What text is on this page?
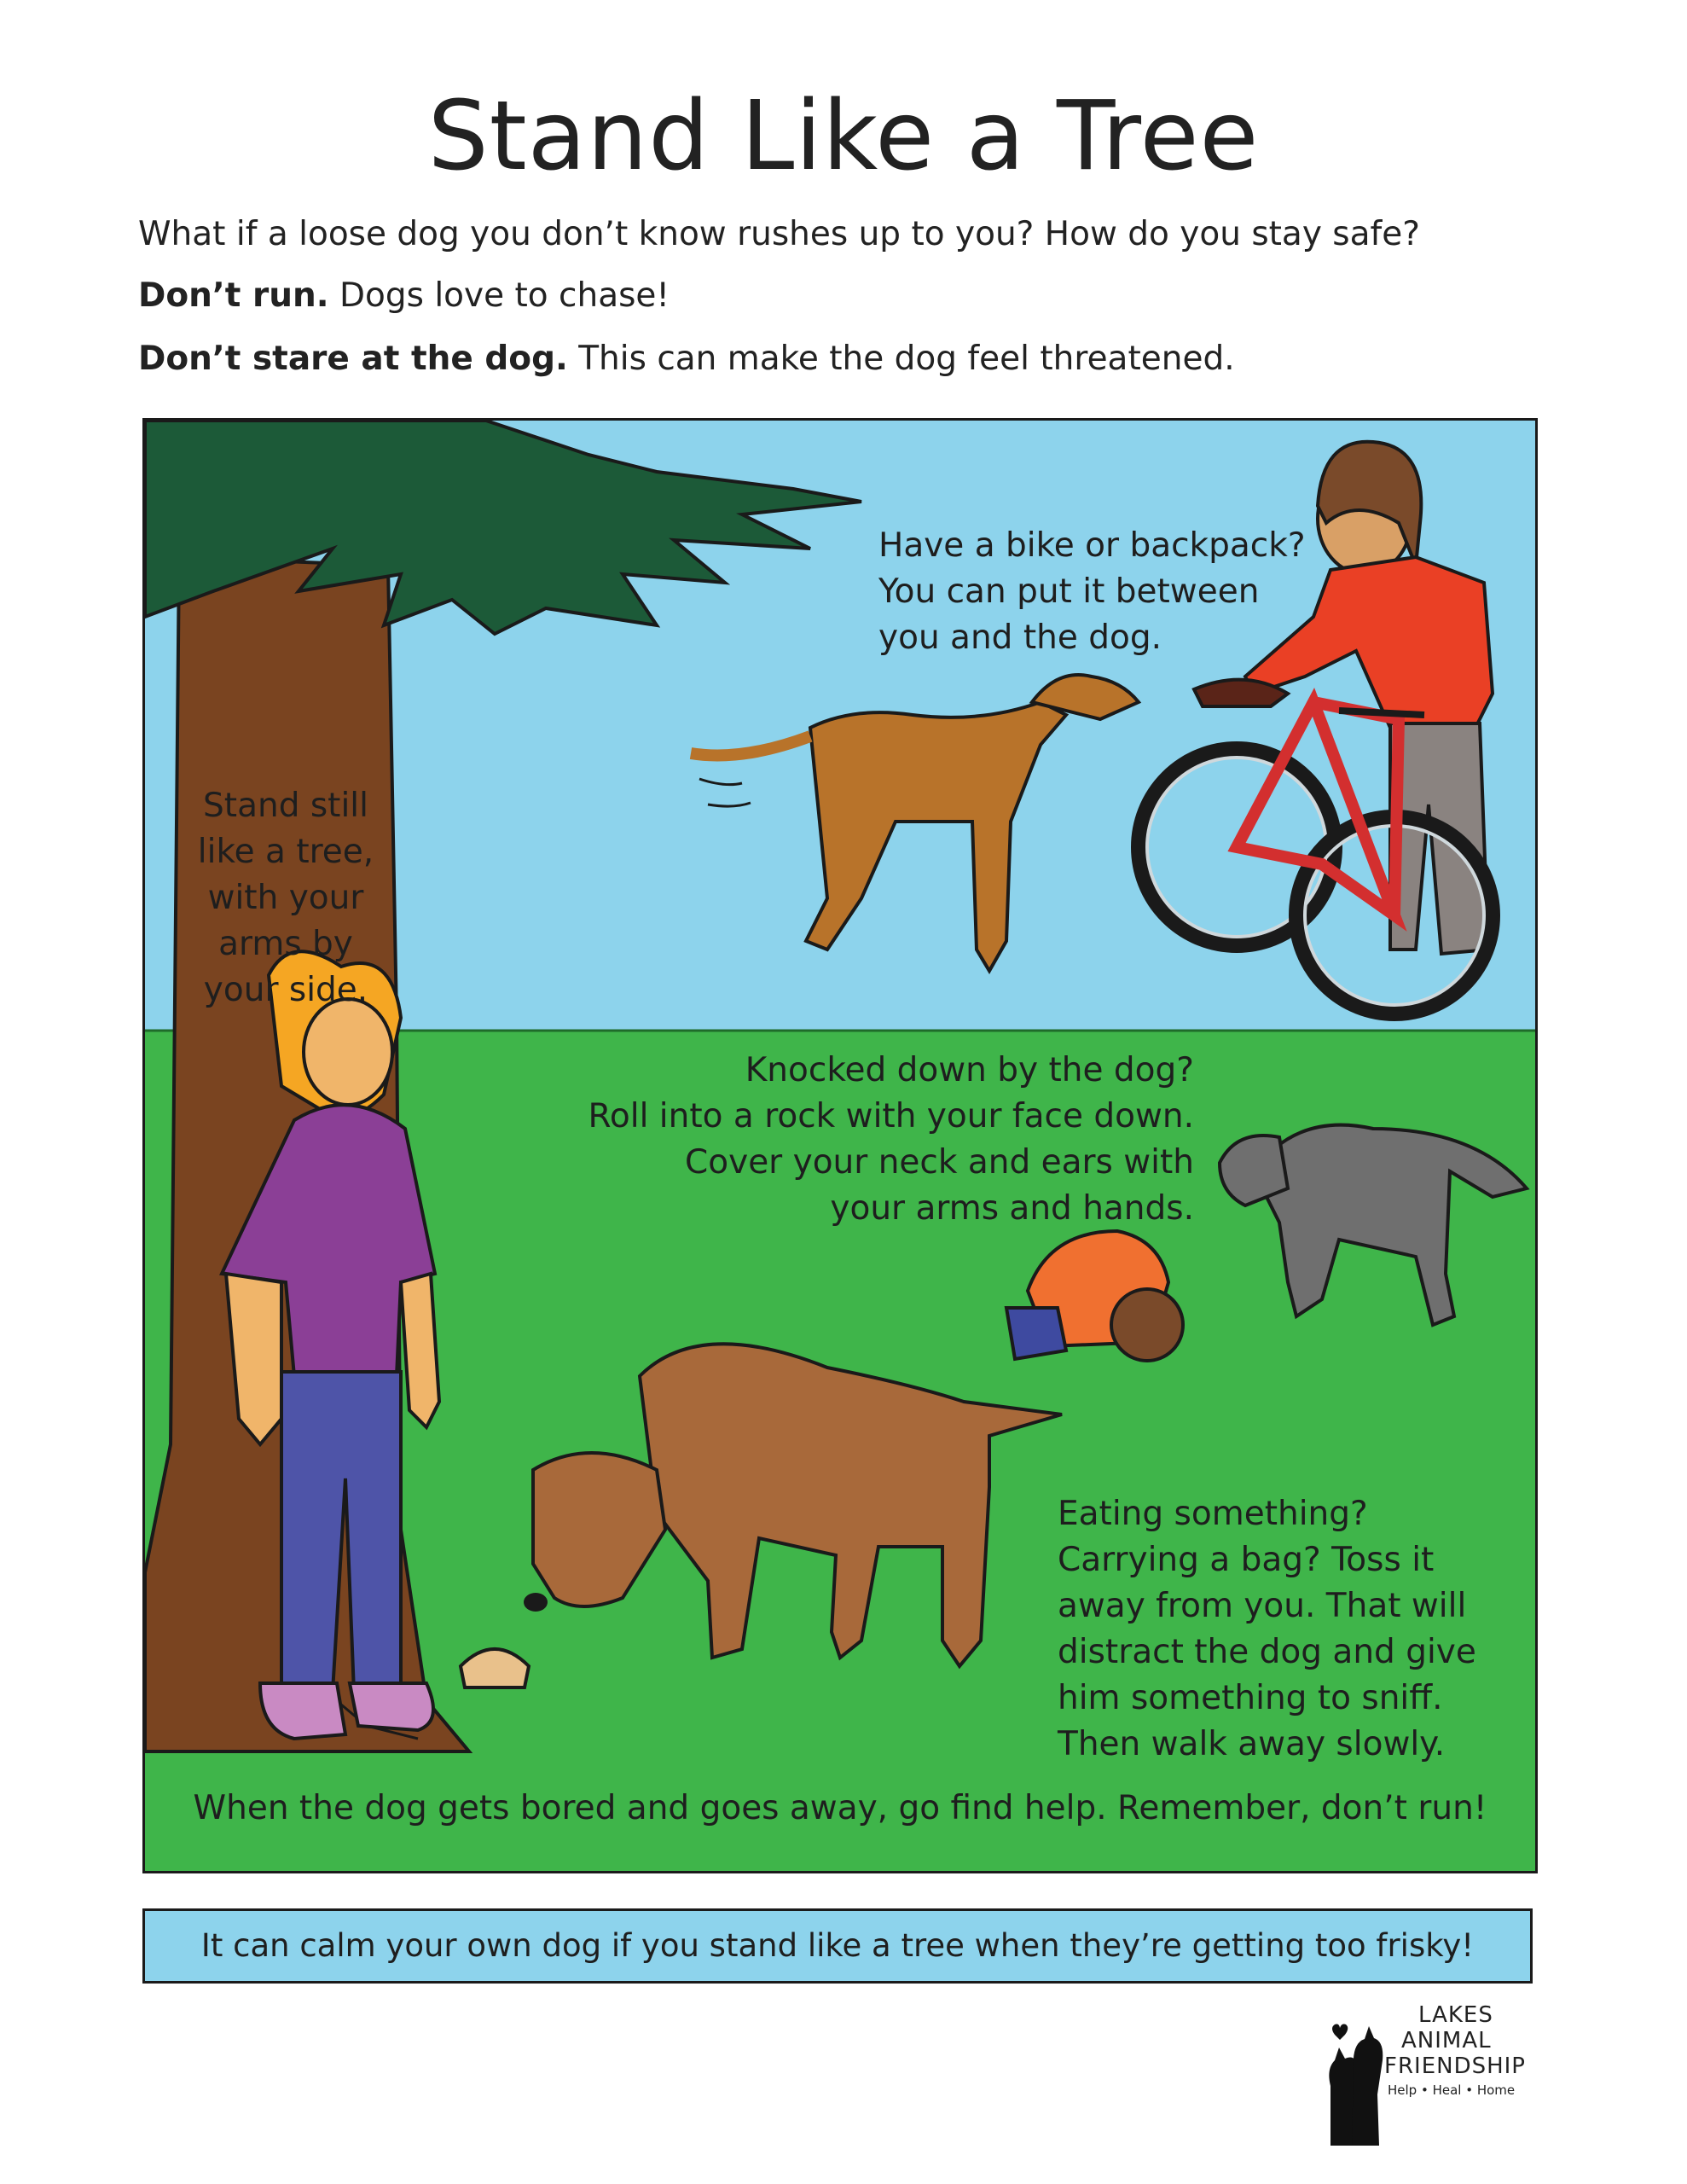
Stand Like a Tree
What if a loose dog you don’t know rushes up to you? How do you stay safe?
Don’t run. Dogs love to chase!
Don’t stare at the dog. This can make the dog feel threatened.
Stand still
like a tree,
with your
arms by
your side.
Have a bike or backpack?
You can put it between
you and the dog.
Knocked down by the dog?
Roll into a rock with your face down.
Cover your neck and ears with
your arms and hands.
Eating something?
Carrying a bag? Toss it
away from you. That will
distract the dog and give
him something to sniff.
Then walk away slowly.
When the dog gets bored and goes away, go find help. Remember, don’t run!
It can calm your own dog if you stand like a tree when they’re getting too frisky!
LAKES
ANIMAL
FRIENDSHIP
Help • Heal • Home
